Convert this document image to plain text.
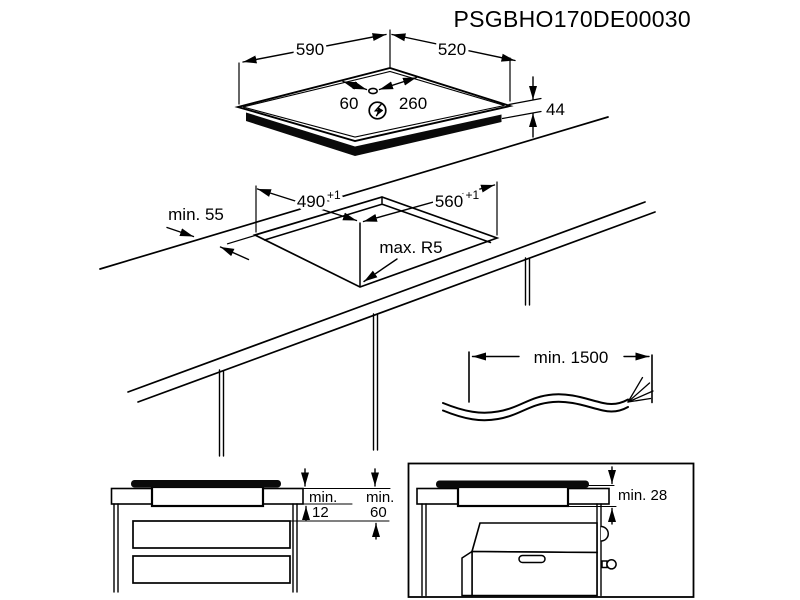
PSGBHO170DE00030
490 +1	560 +1
min. 55
max. R5
590	520
60 260	44
min. 1500
min.
12
min.
60
min. 28
